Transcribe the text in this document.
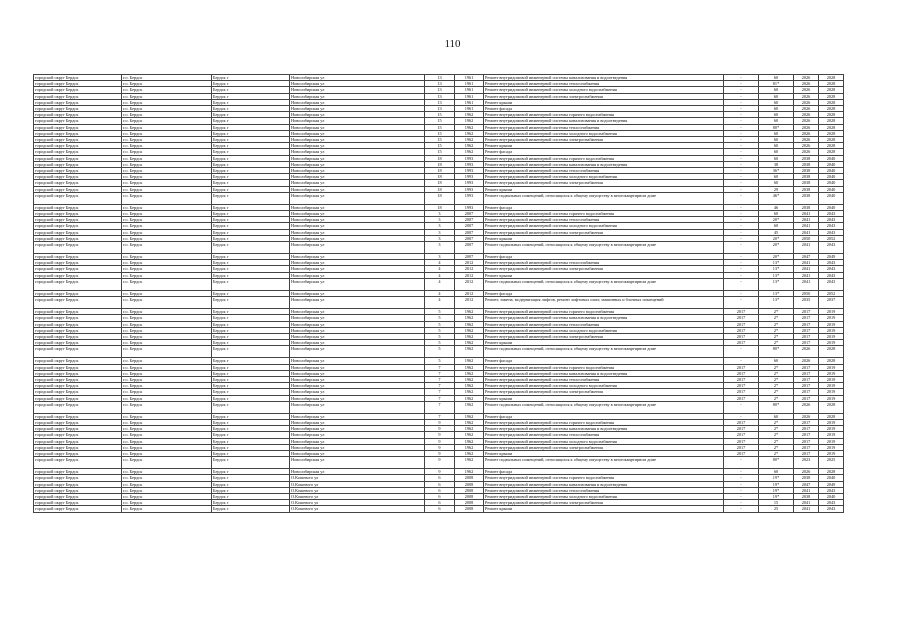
110
городской округ Бердск	г.о. Бердск	Бердск г	Новосибирская ул	13	1961	Ремонт внутридомовой инженерной системы канализования и водоотведения	-	60	2026	2028
городской округ Бердск	г.о. Бердск	Бердск г	Новосибирская ул	13	1961	Ремонт внутридомовой инженерной системы теплоснабжения	-	81*	2026	2028
городской округ Бердск	г.о. Бердск	Бердск г	Новосибирская ул	13	1961	Ремонт внутридомовой инженерной системы холодного водоснабжения	-	60	2026	2028
городской округ Бердск	г.о. Бердск	Бердск г	Новосибирская ул	13	1961	Ремонт внутридомовой инженерной системы электроснабжения	-	60	2026	2028
городской округ Бердск	г.о. Бердск	Бердск г	Новосибирская ул	13	1961	Ремонт крыши	-	60	2026	2028
городской округ Бердск	г.о. Бердск	Бердск г	Новосибирская ул	13	1961	Ремонт фасада	-	60	2026	2028
городской округ Бердск	г.о. Бердск	Бердск г	Новосибирская ул	15	1962	Ремонт внутридомовой инженерной системы горячего водоснабжения	-	60	2026	2028
городской округ Бердск	г.о. Бердск	Бердск г	Новосибирская ул	15	1962	Ремонт внутридомовой инженерной системы канализования и водоотведения	-	60	2026	2028
городской округ Бердск	г.о. Бердск	Бердск г	Новосибирская ул	15	1962	Ремонт внутридомовой инженерной системы теплоснабжения	-	80*	2026	2028
городской округ Бердск	г.о. Бердск	Бердск г	Новосибирская ул	15	1962	Ремонт внутридомовой инженерной системы холодного водоснабжения	-	60	2026	2028
городской округ Бердск	г.о. Бердск	Бердск г	Новосибирская ул	15	1962	Ремонт внутридомовой инженерной системы электроснабжения	-	60	2026	2028
городской округ Бердск	г.о. Бердск	Бердск г	Новосибирская ул	15	1962	Ремонт крыши	-	60	2026	2028
городской округ Бердск	г.о. Бердск	Бердск г	Новосибирская ул	15	1962	Ремонт фасада	-	60	2026	2028
городской округ Бердск	г.о. Бердск	Бердск г	Новосибирская ул	18	1993	Ремонт внутридомовой инженерной системы горячего водоснабжения	-	60	2038	2040
городской округ Бердск	г.о. Бердск	Бердск г	Новосибирская ул	18	1993	Ремонт внутридомовой инженерной системы канализования и водоотведения	-	38	2038	2040
городской округ Бердск	г.о. Бердск	Бердск г	Новосибирская ул	18	1993	Ремонт внутридомовой инженерной системы теплоснабжения	-	36*	2038	2040
городской округ Бердск	г.о. Бердск	Бердск г	Новосибирская ул	18	1993	Ремонт внутридомовой инженерной системы холодного водоснабжения	-	60	2038	2040
городской округ Бердск	г.о. Бердск	Бердск г	Новосибирская ул	18	1993	Ремонт внутридомовой инженерной системы электроснабжения	-	60	2038	2040
городской округ Бердск	г.о. Бердск	Бердск г	Новосибирская ул	18	1993	Ремонт крыши	-	29	2038	2040
городской округ Бердск	г.о. Бердск	Бердск г	Новосибирская ул	18	1993	Ремонт подвальных помещений, относящихся к общему имуществу в многоквартирном доме	-	46*	2038	2040
городской округ Бердск	г.о. Бердск	Бердск г	Новосибирская ул	18	1993	Ремонт фасада	-	46	2038	2040
городской округ Бердск	г.о. Бердск	Бердск г	Новосибирская ул	3	2007	Ремонт внутридомовой инженерной системы горячего водоснабжения	-	60	2041	2043
городской округ Бердск	г.о. Бердск	Бердск г	Новосибирская ул	3	2007	Ремонт внутридомовой инженерной системы теплоснабжения	-	20*	2041	2043
городской округ Бердск	г.о. Бердск	Бердск г	Новосибирская ул	3	2007	Ремонт внутридомовой инженерной системы холодного водоснабжения	-	60	2041	2043
городской округ Бердск	г.о. Бердск	Бердск г	Новосибирская ул	3	2007	Ремонт внутридомовой инженерной системы электроснабжения	-	45	2041	2043
городской округ Бердск	г.о. Бердск	Бердск г	Новосибирская ул	3	2007	Ремонт крыши	-	20*	2050	2052
городской округ Бердск	г.о. Бердск	Бердск г	Новосибирская ул	3	2007	Ремонт подвальных помещений, относящихся к общему имуществу в многоквартирном доме	-	20*	2041	2043
городской округ Бердск	г.о. Бердск	Бердск г	Новосибирская ул	3	2007	Ремонт фасада	-	20*	2047	2049
городской округ Бердск	г.о. Бердск	Бердск г	Новосибирская ул	4	2012	Ремонт внутридомовой инженерной системы теплоснабжения	-	13*	2041	2043
городской округ Бердск	г.о. Бердск	Бердск г	Новосибирская ул	4	2012	Ремонт внутридомовой инженерной системы электроснабжения	-	13*	2041	2043
городской округ Бердск	г.о. Бердск	Бердск г	Новосибирская ул	4	2012	Ремонт крыши	-	13*	2041	2043
городской округ Бердск	г.о. Бердск	Бердск г	Новосибирская ул	4	2012	Ремонт подвальных помещений, относящихся к общему имуществу в многоквартирном доме	-	13*	2041	2043
городской округ Бердск	г.о. Бердск	Бердск г	Новосибирская ул	4	2012	Ремонт фасада	-	13*	2050	2052
городской округ Бердск	г.о. Бердск	Бердск г	Новосибирская ул	4	2012	Ремонт, замена, модернизация лифтов, ремонт лифтовых шахт, машинных и блочных помещений	-	13*	2035	2037
городской округ Бердск	г.о. Бердск	Бердск г	Новосибирская ул	5	1962	Ремонт внутридомовой инженерной системы горячего водоснабжения	2017	2*	2017	2019
городской округ Бердск	г.о. Бердск	Бердск г	Новосибирская ул	5	1962	Ремонт внутридомовой инженерной системы канализования и водоотведения	2017	2*	2017	2019
городской округ Бердск	г.о. Бердск	Бердск г	Новосибирская ул	5	1962	Ремонт внутридомовой инженерной системы теплоснабжения	2017	2*	2017	2019
городской округ Бердск	г.о. Бердск	Бердск г	Новосибирская ул	5	1962	Ремонт внутридомовой инженерной системы холодного водоснабжения	2017	2*	2017	2019
городской округ Бердск	г.о. Бердск	Бердск г	Новосибирская ул	5	1962	Ремонт внутридомовой инженерной системы электроснабжения	2017	2*	2017	2019
городской округ Бердск	г.о. Бердск	Бердск г	Новосибирская ул	5	1962	Ремонт крыши	2017	2*	2017	2019
городской округ Бердск	г.о. Бердск	Бердск г	Новосибирская ул	5	1962	Ремонт подвальных помещений, относящихся к общему имуществу в многоквартирном доме	-	80*	2026	2028
городской округ Бердск	г.о. Бердск	Бердск г	Новосибирская ул	5	1962	Ремонт фасада	-	60	2026	2028
городской округ Бердск	г.о. Бердск	Бердск г	Новосибирская ул	7	1962	Ремонт внутридомовой инженерной системы горячего водоснабжения	2017	2*	2017	2019
городской округ Бердск	г.о. Бердск	Бердск г	Новосибирская ул	7	1962	Ремонт внутридомовой инженерной системы канализования и водоотведения	2017	2*	2017	2019
городской округ Бердск	г.о. Бердск	Бердск г	Новосибирская ул	7	1962	Ремонт внутридомовой инженерной системы теплоснабжения	2017	2*	2017	2019
городской округ Бердск	г.о. Бердск	Бердск г	Новосибирская ул	7	1962	Ремонт внутридомовой инженерной системы холодного водоснабжения	2017	2*	2017	2019
городской округ Бердск	г.о. Бердск	Бердск г	Новосибирская ул	7	1962	Ремонт внутридомовой инженерной системы электроснабжения	2017	2*	2017	2019
городской округ Бердск	г.о. Бердск	Бердск г	Новосибирская ул	7	1962	Ремонт крыши	2017	2*	2017	2019
городской округ Бердск	г.о. Бердск	Бердск г	Новосибирская ул	7	1962	Ремонт подвальных помещений, относящихся к общему имуществу в многоквартирном доме	-	80*	2026	2028
городской округ Бердск	г.о. Бердск	Бердск г	Новосибирская ул	7	1962	Ремонт фасада	-	60	2026	2028
городской округ Бердск	г.о. Бердск	Бердск г	Новосибирская ул	9	1962	Ремонт внутридомовой инженерной системы горячего водоснабжения	2017	2*	2017	2019
городской округ Бердск	г.о. Бердск	Бердск г	Новосибирская ул	9	1962	Ремонт внутридомовой инженерной системы канализования и водоотведения	2017	2*	2017	2019
городской округ Бердск	г.о. Бердск	Бердск г	Новосибирская ул	9	1962	Ремонт внутридомовой инженерной системы теплоснабжения	2017	2*	2017	2019
городской округ Бердск	г.о. Бердск	Бердск г	Новосибирская ул	9	1962	Ремонт внутридомовой инженерной системы холодного водоснабжения	2017	2*	2017	2019
городской округ Бердск	г.о. Бердск	Бердск г	Новосибирская ул	9	1962	Ремонт внутридомовой инженерной системы электроснабжения	2017	2*	2017	2019
городской округ Бердск	г.о. Бердск	Бердск г	Новосибирская ул	9	1962	Ремонт крыши	2017	2*	2017	2019
городской округ Бердск	г.о. Бердск	Бердск г	Новосибирская ул	9	1962	Ремонт подвальных помещений, относящихся к общему имуществу в многоквартирном доме	-	80*	2023	2025
городской округ Бердск	г.о. Бердск	Бердск г	Новосибирская ул	9	1962	Ремонт фасада	-	60	2026	2028
городской округ Бердск	г.о. Бердск	Бердск г	О.Кошевого ул	6	2008	Ремонт внутридомовой инженерной системы горячего водоснабжения	-	19*	2038	2040
городской округ Бердск	г.о. Бердск	Бердск г	О.Кошевого ул	6	2008	Ремонт внутридомовой инженерной системы канализования и водоотведения	-	19*	2047	2049
городской округ Бердск	г.о. Бердск	Бердск г	О.Кошевого ул	6	2008	Ремонт внутридомовой инженерной системы теплоснабжения	-	19*	2041	2043
городской округ Бердск	г.о. Бердск	Бердск г	О.Кошевого ул	6	2008	Ремонт внутридомовой инженерной системы холодного водоснабжения	-	19*	2038	2040
городской округ Бердск	г.о. Бердск	Бердск г	О.Кошевого ул	6	2008	Ремонт внутридомовой инженерной системы электроснабжения	-	15	2041	2043
городской округ Бердск	г.о. Бердск	Бердск г	О.Кошевого ул	6	2008	Ремонт крыши	-	25	2041	2043
